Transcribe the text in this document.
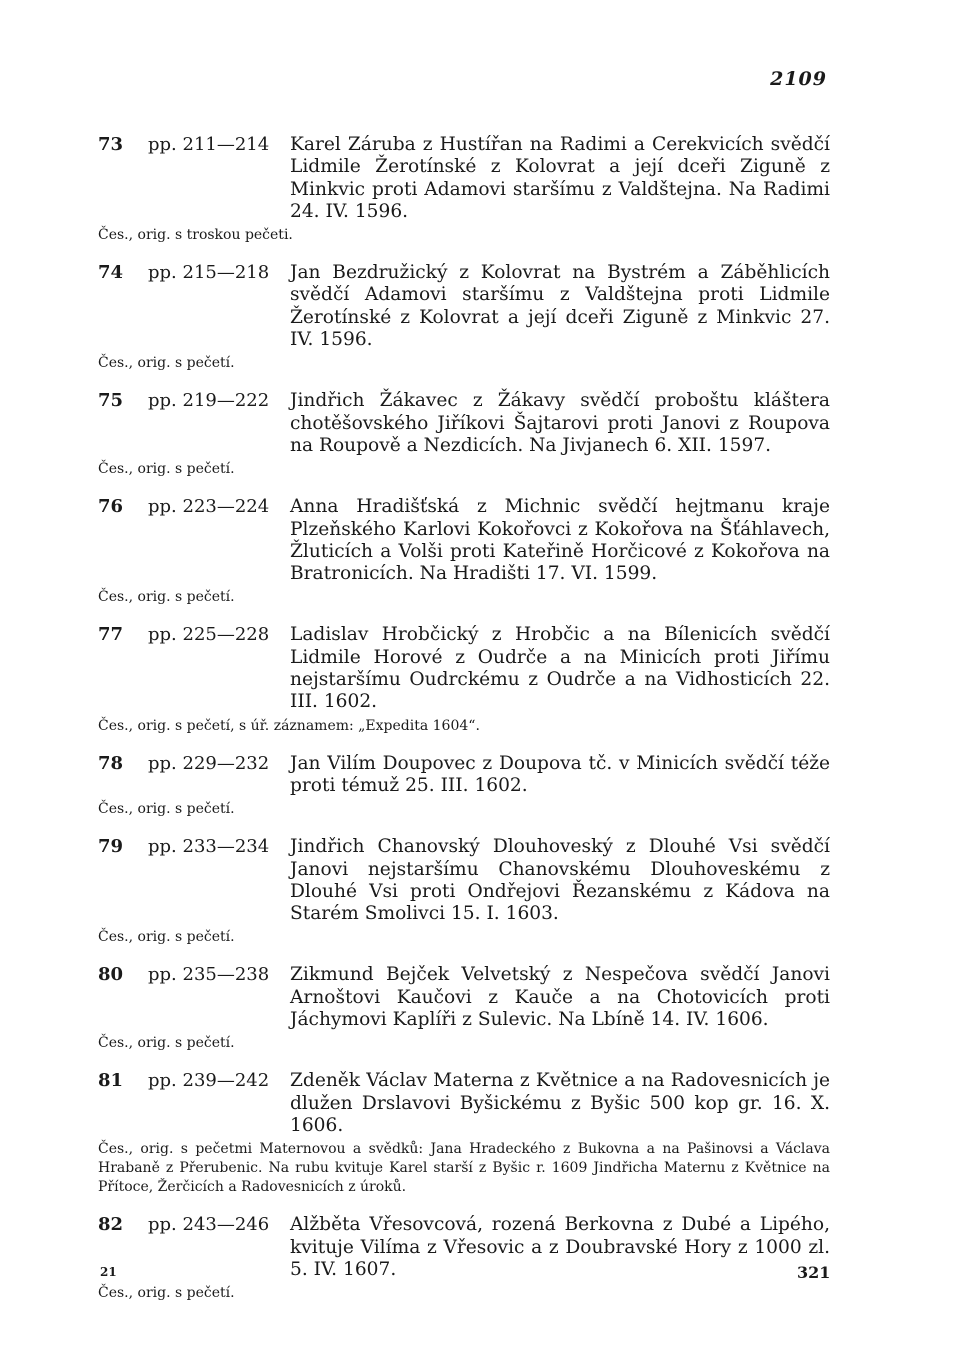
2109
73	pp. 211—214	Karel Záruba z Hustířan na Radimi a Cerekvicích svědčí Lidmile Žerotínské z Kolovrat a její dceři Ziguně z Minkvic proti Adamovi staršímu z Valdštejna. Na Radimi 24. IV. 1596.
Čes., orig. s troskou pečeti.
74	pp. 215—218	Jan Bezdružický z Kolovrat na Bystrém a Záběhlicích svědčí Adamovi staršímu z Valdštejna proti Lidmile Žerotínské z Kolovrat a její dceři Ziguně z Minkvic 27. IV. 1596.
Čes., orig. s pečetí.
75	pp. 219—222	Jindřich Žákavec z Žákavy svědčí proboštu kláštera chotěšovského Jiříkovi Šajtarovi proti Janovi z Roupova na Roupově a Nezdicích. Na Jivjanech 6. XII. 1597.
Čes., orig. s pečetí.
76	pp. 223—224	Anna Hradišťská z Michnic svědčí hejtmanu kraje Plzeňského Karlovi Kokořovci z Kokořova na Šťáhlavech, Žluticích a Volši proti Kateřině Horčicové z Kokořova na Bratronicích. Na Hradišti 17. VI. 1599.
Čes., orig. s pečetí.
77	pp. 225—228	Ladislav Hrobčický z Hrobčic a na Bílenicích svědčí Lidmile Horové z Oudrče a na Minicích proti Jiřímu nejstaršímu Oudrckému z Oudrče a na Vidhosticích 22. III. 1602.
Čes., orig. s pečetí, s úř. záznamem: „Expedita 1604“.
78	pp. 229—232	Jan Vilím Doupovec z Doupova tč. v Minicích svědčí téže proti témuž 25. III. 1602.
Čes., orig. s pečetí.
79	pp. 233—234	Jindřich Chanovský Dlouhoveský z Dlouhé Vsi svědčí Janovi nejstaršímu Chanovskému Dlouhoveskému z Dlouhé Vsi proti Ondřejovi Řezanskému z Kádova na Starém Smolivci 15. I. 1603.
Čes., orig. s pečetí.
80	pp. 235—238	Zikmund Bejček Velvetský z Nespečova svědčí Janovi Arnoštovi Kaučovi z Kauče a na Chotovicích proti Jáchymovi Kaplíři z Sulevic. Na Lbíně 14. IV. 1606.
Čes., orig. s pečetí.
81	pp. 239—242	Zdeněk Václav Materna z Květnice a na Radovesnicích je dlužen Drslavovi Byšickému z Byšic 500 kop gr. 16. X. 1606.
Čes., orig. s pečetmi Maternovou a svědků: Jana Hradeckého z Bukovna a na Pašinovsi a Václava Hrabaně z Přerubenic. Na rubu kvituje Karel starší z Byšic r. 1609 Jindřicha Maternu z Květnice na Přítoce, Žerčicích a Radovesnicích z úroků.
82	pp. 243—246	Alžběta Vřesovcová, rozená Berkovna z Dubé a Lipého, kvituje Vilíma z Vřesovic a z Doubravské Hory z 1000 zl. 5. IV. 1607.
Čes., orig. s pečetí.
21	321
